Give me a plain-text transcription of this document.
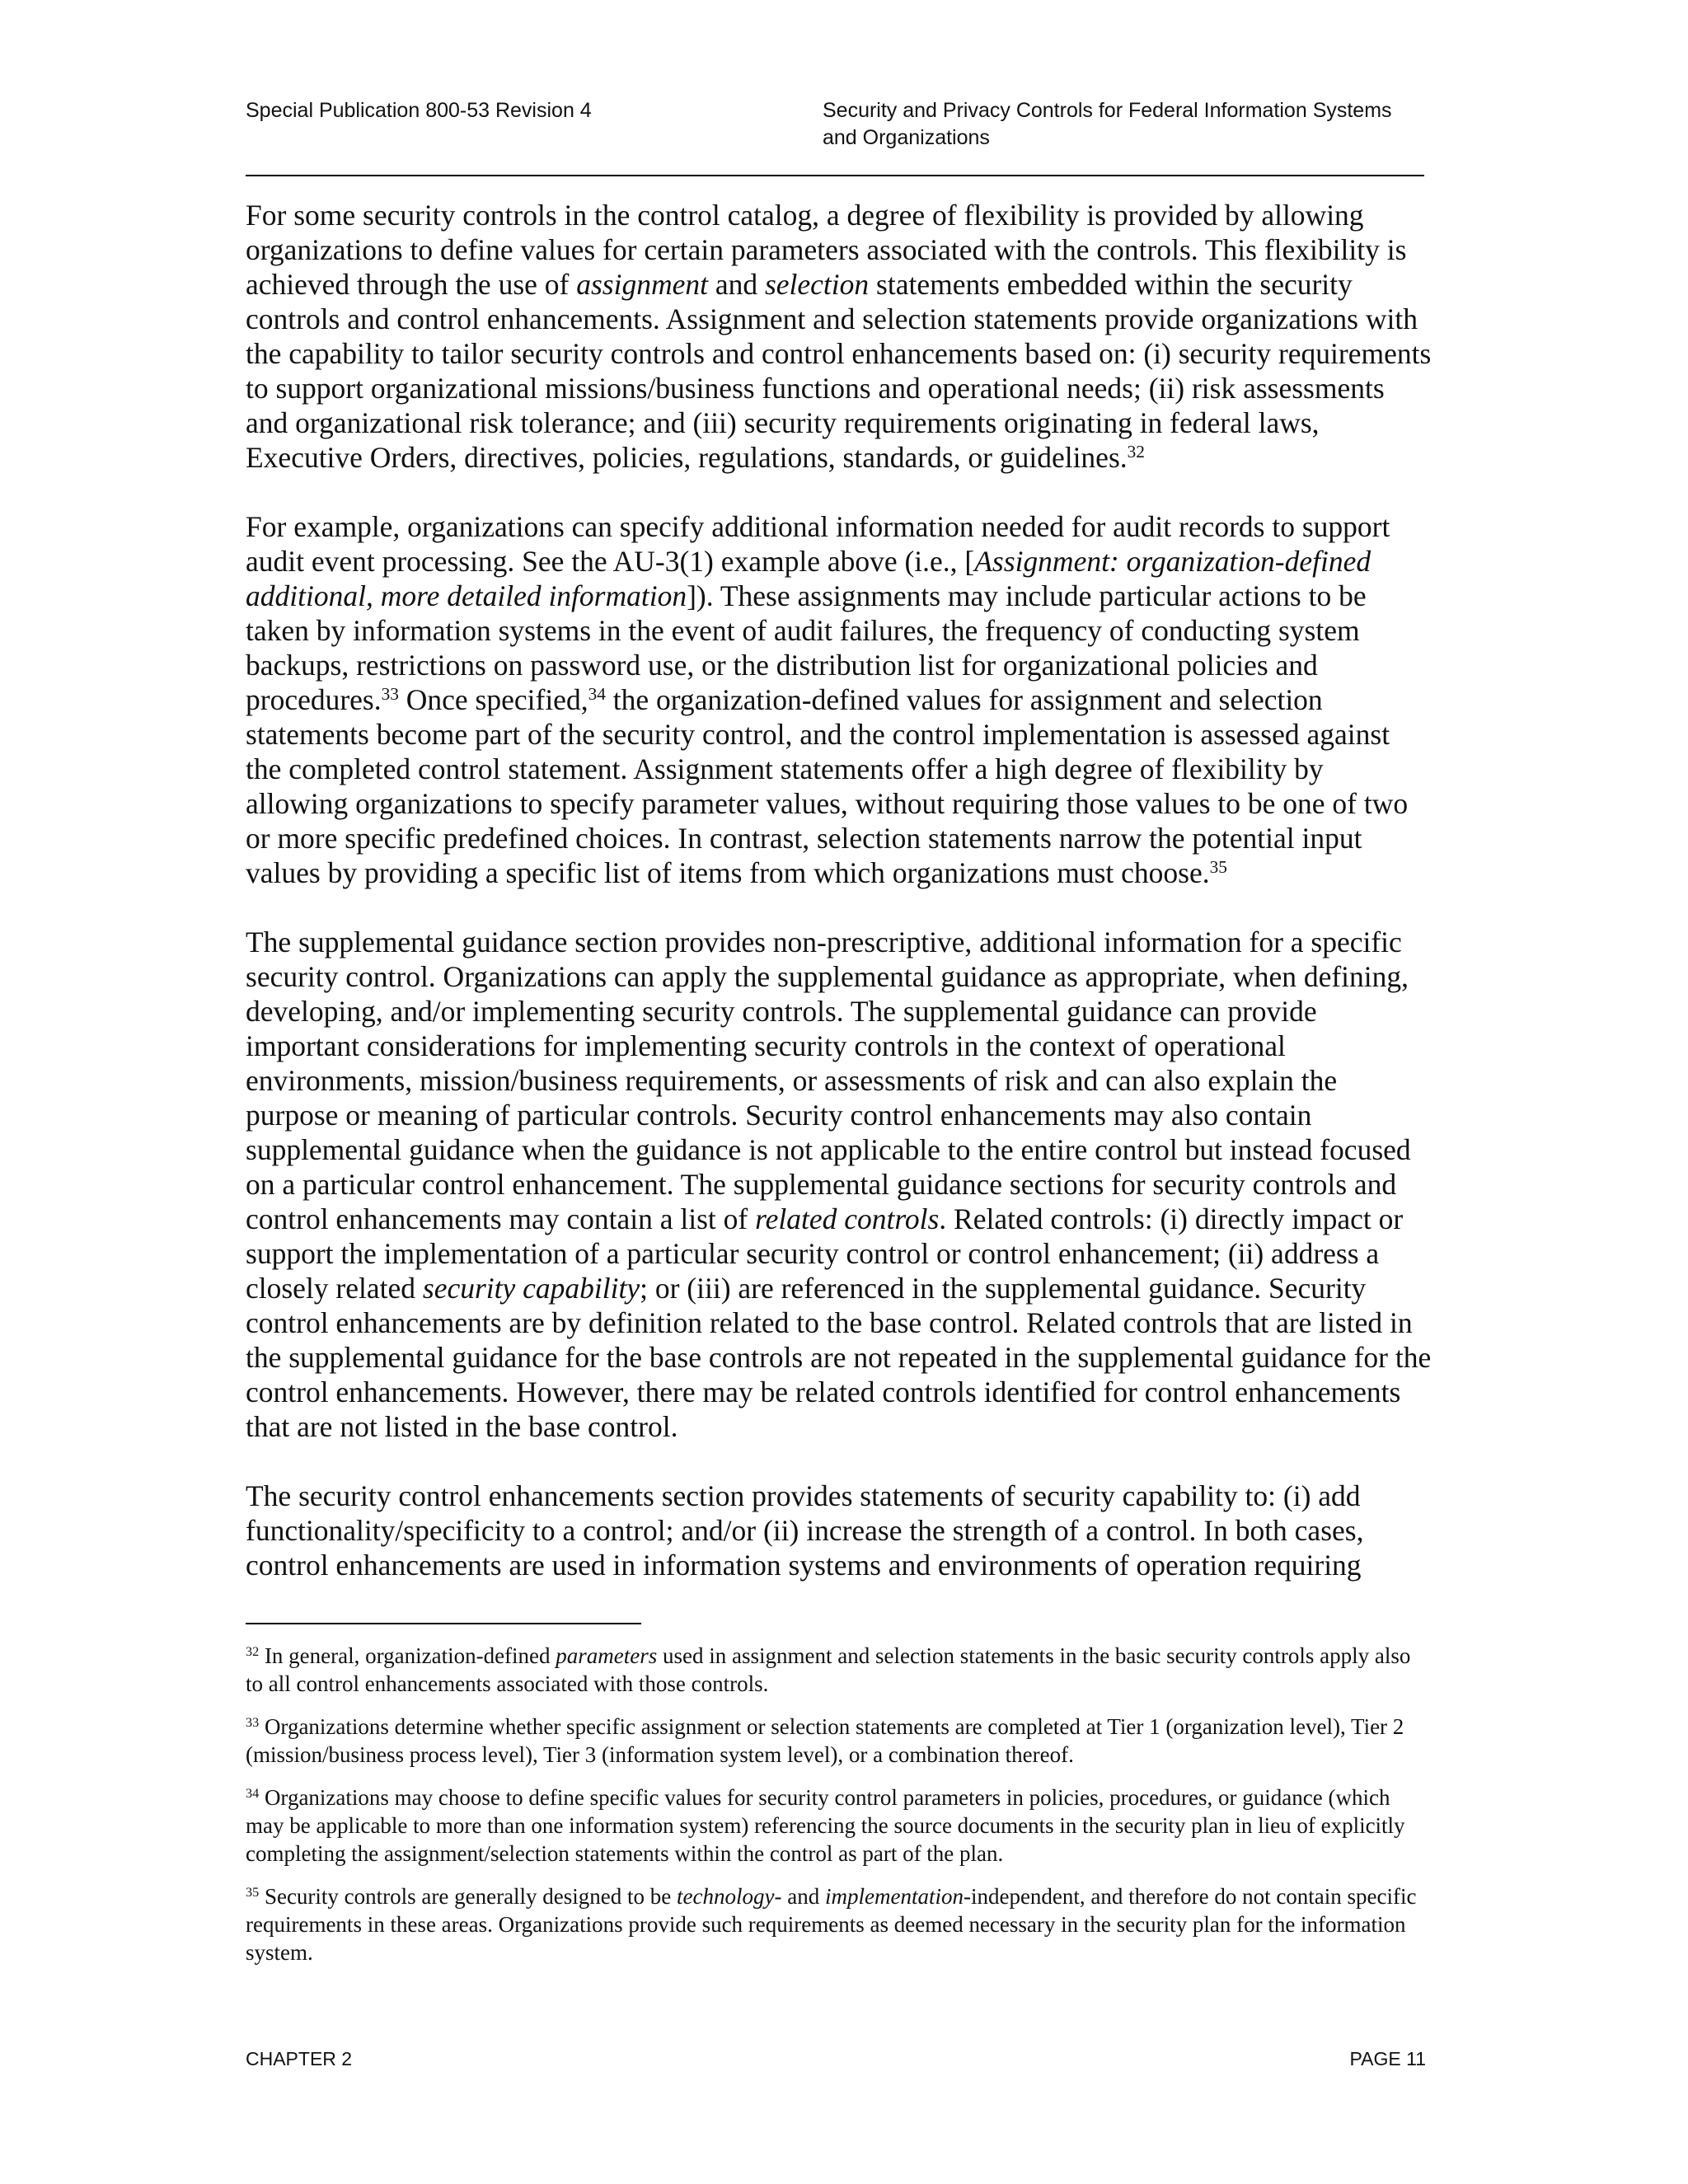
Special Publication 800-53 Revision 4	Security and Privacy Controls for Federal Information Systems
and Organizations

For some security controls in the control catalog, a degree of flexibility is provided by allowing organizations to define values for certain parameters associated with the controls. This flexibility is achieved through the use of assignment and selection statements embedded within the security controls and control enhancements. Assignment and selection statements provide organizations with the capability to tailor security controls and control enhancements based on: (i) security requirements to support organizational missions/business functions and operational needs; (ii) risk assessments and organizational risk tolerance; and (iii) security requirements originating in federal laws, Executive Orders, directives, policies, regulations, standards, or guidelines.$^{32}$

For example, organizations can specify additional information needed for audit records to support audit event processing. See the AU-3(1) example above (i.e., [Assignment: organization-defined additional, more detailed information]). These assignments may include particular actions to be taken by information systems in the event of audit failures, the frequency of conducting system backups, restrictions on password use, or the distribution list for organizational policies and procedures.$^{33}$ Once specified,$^{34}$ the organization-defined values for assignment and selection statements become part of the security control, and the control implementation is assessed against the completed control statement. Assignment statements offer a high degree of flexibility by allowing organizations to specify parameter values, without requiring those values to be one of two or more specific predefined choices. In contrast, selection statements narrow the potential input values by providing a specific list of items from which organizations must choose.$^{35}$

The supplemental guidance section provides non-prescriptive, additional information for a specific security control. Organizations can apply the supplemental guidance as appropriate, when defining, developing, and/or implementing security controls. The supplemental guidance can provide important considerations for implementing security controls in the context of operational environments, mission/business requirements, or assessments of risk and can also explain the purpose or meaning of particular controls. Security control enhancements may also contain supplemental guidance when the guidance is not applicable to the entire control but instead focused on a particular control enhancement. The supplemental guidance sections for security controls and control enhancements may contain a list of related controls. Related controls: (i) directly impact or support the implementation of a particular security control or control enhancement; (ii) address a closely related security capability; or (iii) are referenced in the supplemental guidance. Security control enhancements are by definition related to the base control. Related controls that are listed in the supplemental guidance for the base controls are not repeated in the supplemental guidance for the control enhancements. However, there may be related controls identified for control enhancements that are not listed in the base control.

The security control enhancements section provides statements of security capability to: (i) add functionality/specificity to a control; and/or (ii) increase the strength of a control. In both cases, control enhancements are used in information systems and environments of operation requiring

$^{32}$ In general, organization-defined parameters used in assignment and selection statements in the basic security controls apply also to all control enhancements associated with those controls.
$^{33}$ Organizations determine whether specific assignment or selection statements are completed at Tier 1 (organization level), Tier 2 (mission/business process level), Tier 3 (information system level), or a combination thereof.
$^{34}$ Organizations may choose to define specific values for security control parameters in policies, procedures, or guidance (which may be applicable to more than one information system) referencing the source documents in the security plan in lieu of explicitly completing the assignment/selection statements within the control as part of the plan.
$^{35}$ Security controls are generally designed to be technology- and implementation-independent, and therefore do not contain specific requirements in these areas. Organizations provide such requirements as deemed necessary in the security plan for the information system.
CHAPTER 2	PAGE 11
